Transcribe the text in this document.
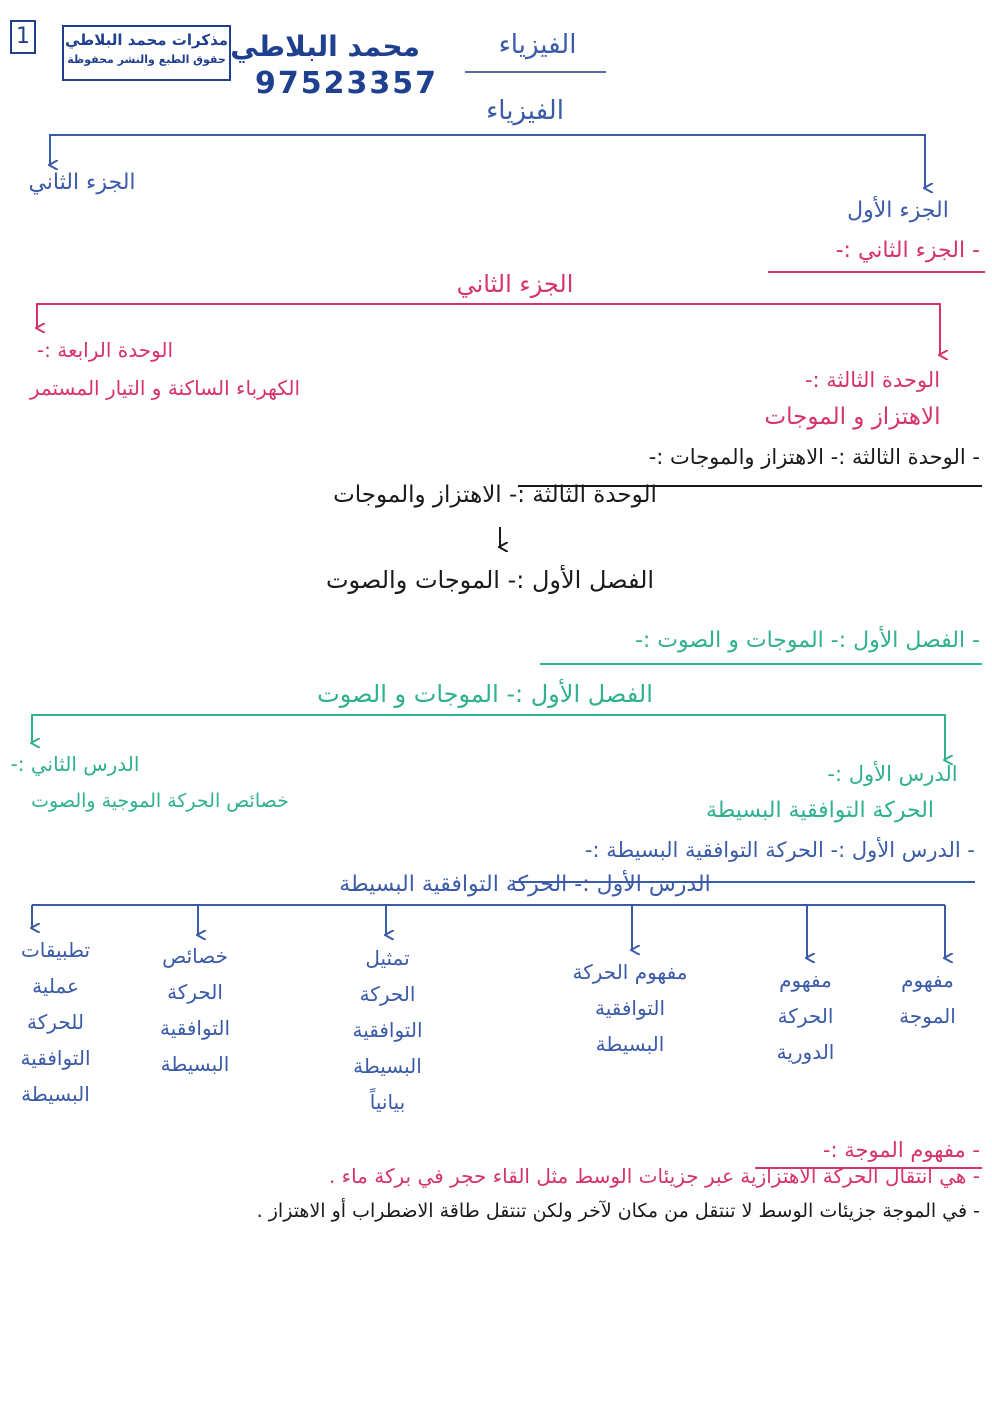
1	مذكرات محمد البلاطي
حقوق الطبع والنشر محفوظة محمد البلاطي
97523357
الفيزياء
الفيزياء
الجزء الثاني
الجزء الأول
- الجزء الثاني :-
الجزء الثاني
الوحدة الرابعة :-
الكهرباء الساكنة و التيار المستمر	الوحدة الثالثة :-
الاهتزاز و الموجات
- الوحدة الثالثة :- الاهتزاز والموجات :-
الوحدة الثالثة :- الاهتزاز والموجات
الفصل الأول :- الموجات والصوت
- الفصل الأول :- الموجات و الصوت :-
الفصل الأول :- الموجات و الصوت
الدرس الثاني :-
خصائص الحركة الموجية والصوت
الدرس الأول :-
الحركة التوافقية البسيطة
- الدرس الأول :- الحركة التوافقية البسيطة :-
الدرس الأول :- الحركة التوافقية البسيطة
مفهوم الموجة
مفهوم الحركة الدورية
مفهوم الحركة التوافقية البسيطة
تمثيل الحركة التوافقية البسيطة بيانياً
خصائص الحركة التوافقية البسيطة
تطبيقات عملية للحركة التوافقية البسيطة
- مفهوم الموجة :-
- هي انتقال الحركة الاهتزازية عبر جزيئات الوسط مثل القاء حجر في بركة ماء .
- في الموجة جزيئات الوسط لا تنتقل من مكان لآخر ولكن تنتقل طاقة الاضطراب أو الاهتزاز .
